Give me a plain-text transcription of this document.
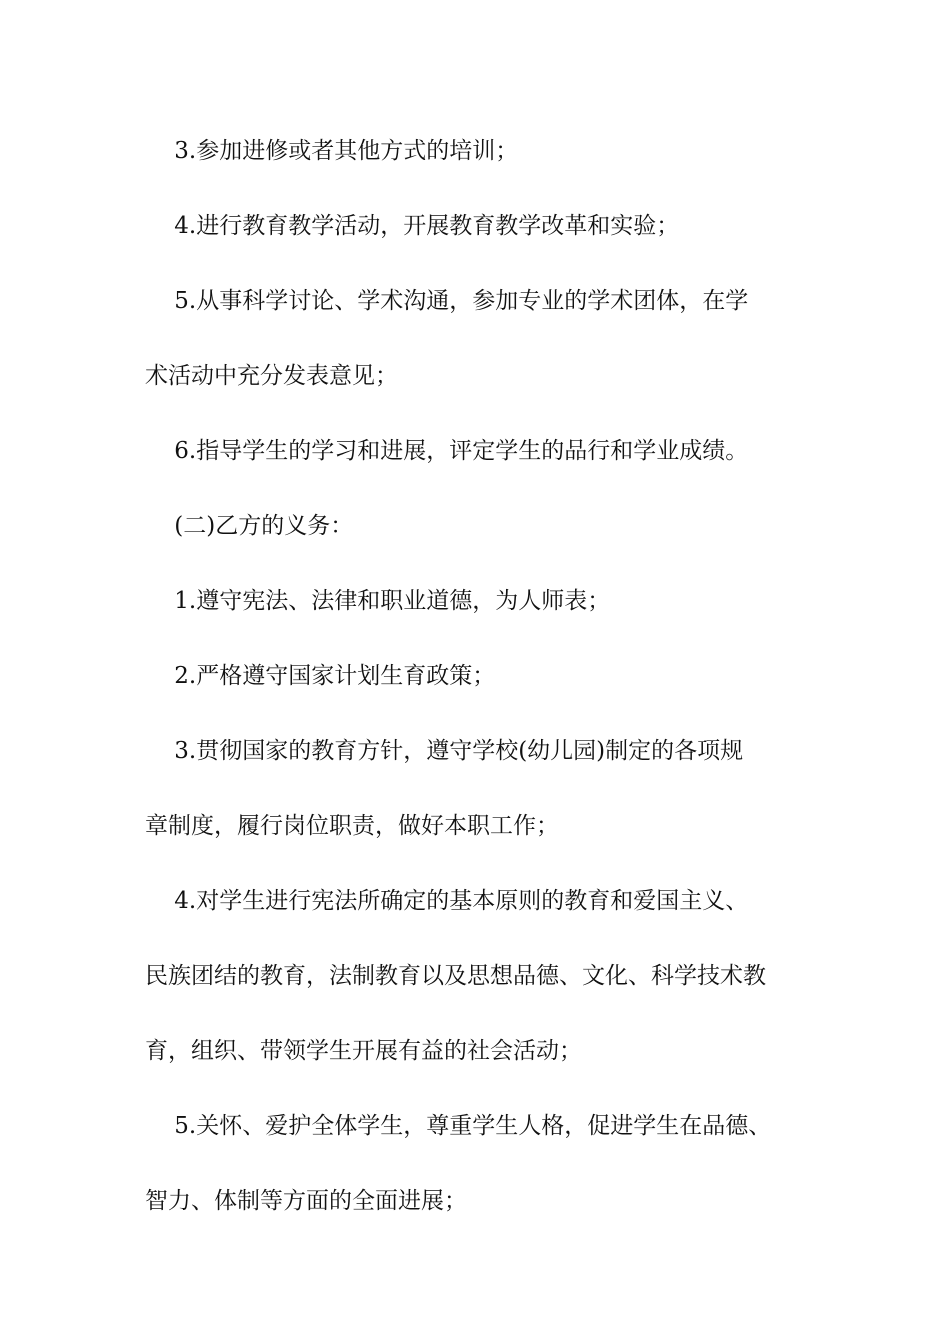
3.参加进修或者其他方式的培训；

4.进行教育教学活动，开展教育教学改革和实验；

5.从事科学讨论、学术沟通，参加专业的学术团体，在学

术活动中充分发表意见；

6.指导学生的学习和进展，评定学生的品行和学业成绩。

(二)乙方的义务：

1.遵守宪法、法律和职业道德，为人师表；

2.严格遵守国家计划生育政策；

3.贯彻国家的教育方针，遵守学校(幼儿园)制定的各项规

章制度，履行岗位职责，做好本职工作；

4.对学生进行宪法所确定的基本原则的教育和爱国主义、

民族团结的教育，法制教育以及思想品德、文化、科学技术教

育，组织、带领学生开展有益的社会活动；

5.关怀、爱护全体学生，尊重学生人格，促进学生在品德、

智力、体制等方面的全面进展；
